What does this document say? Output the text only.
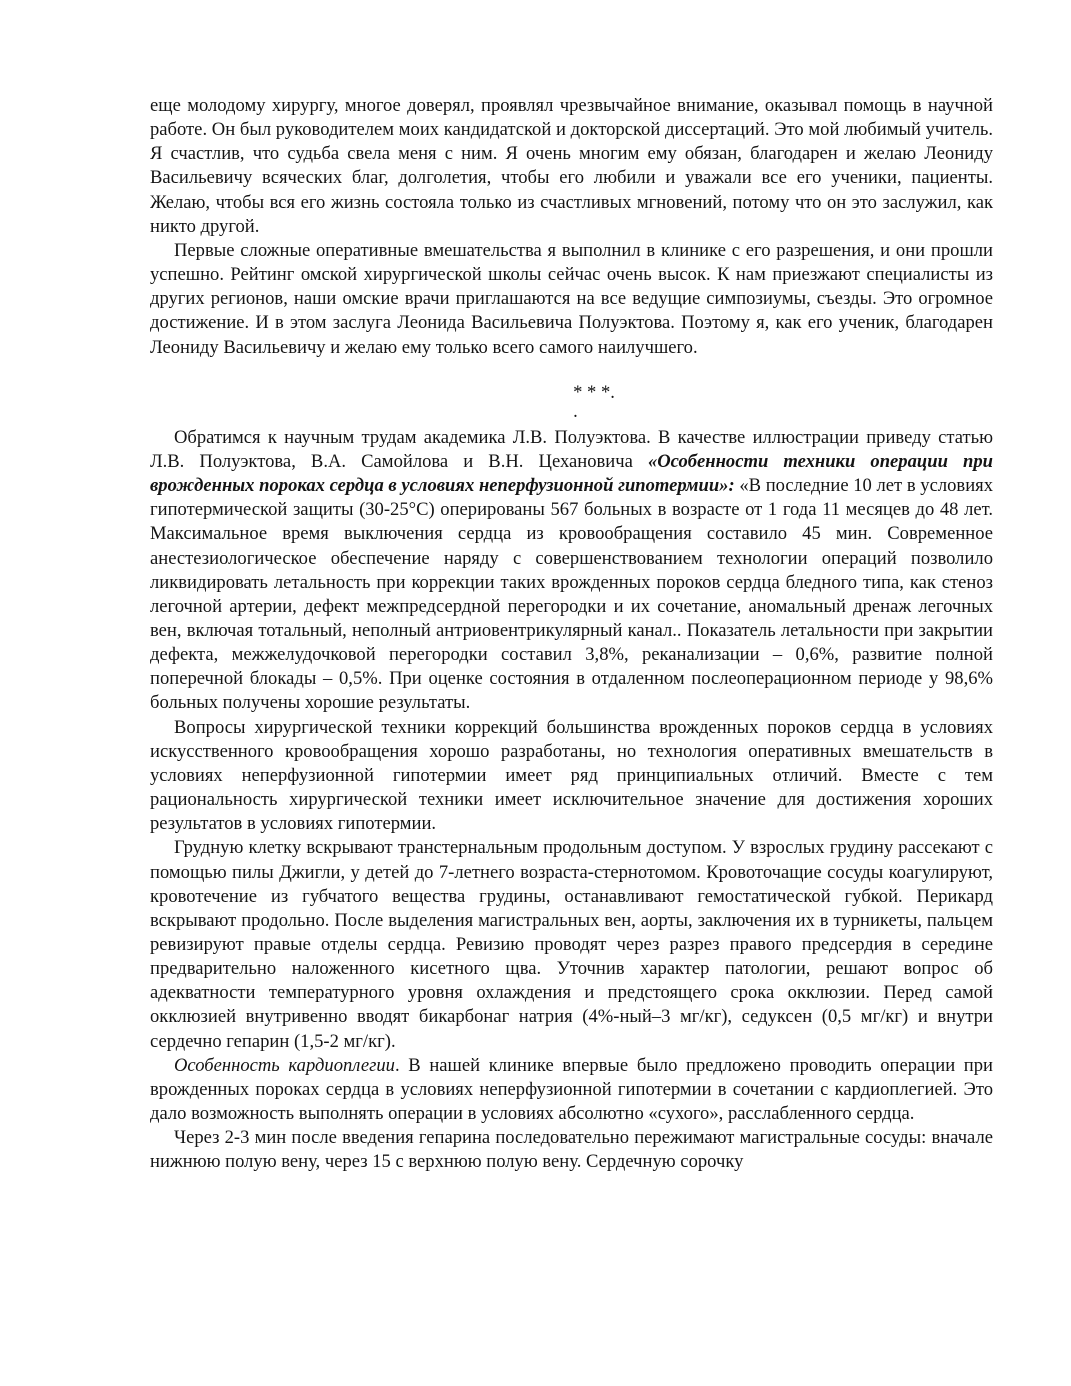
еще молодому хирургу, многое доверял, проявлял чрезвычайное внимание, оказывал помощь в научной работе. Он был руководителем моих кандидатской и докторской диссертаций. Это мой любимый учитель. Я счастлив, что судьба свела меня с ним. Я очень многим ему обязан, благодарен и желаю Леониду Васильевичу всяческих благ, долголетия, чтобы его любили и уважали все его ученики, пациенты. Желаю, чтобы вся его жизнь состояла только из счастливых мгновений, потому что он это заслужил, как никто другой.

Первые сложные оперативные вмешательства я выполнил в клинике с его разрешения, и они прошли успешно. Рейтинг омской хирургической школы сейчас очень высок. К нам приезжают специалисты из других регионов, наши омские врачи приглашаются на все ведущие симпозиумы, съезды. Это огромное достижение. И в этом заслуга Леонида Васильевича Полуэктова. Поэтому я, как его ученик, благодарен Леониду Васильевичу и желаю ему только всего самого наилучшего.

* * *.

.

Обратимся к научным трудам академика Л.В. Полуэктова. В качестве иллюстрации приведу статью Л.В. Полуэктова, В.А. Самойлова и В.Н. Цехановича «Особенности техники операции при врожденных пороках сердца в условиях неперфузионной гипотермии»: «В последние 10 лет в условиях гипотермической защиты (30-25°С) оперированы 567 больных в возрасте от 1 года 11 месяцев до 48 лет. Максимальное время выключения сердца из кровообращения составило 45 мин. Современное анестезиологическое обеспечение наряду с совершенствованием технологии операций позволило ликвидировать летальность при коррекции таких врожденных пороков сердца бледного типа, как стеноз легочной артерии, дефект межпредсердной перегородки и их сочетание, аномальный дренаж легочных вен, включая тотальный, неполный антриовентрикулярный канал.. Показатель летальности при закрытии дефекта, межжелудочковой перегородки составил 3,8%, реканализации – 0,6%, развитие полной поперечной блокады – 0,5%. При оценке состояния в отдаленном послеоперационном периоде у 98,6% больных получены хорошие результаты.

Вопросы хирургической техники коррекций большинства врожденных пороков сердца в условиях искусственного кровообращения хорошо разработаны, но технология оперативных вмешательств в условиях неперфузионной гипотермии имеет ряд принципиальных отличий. Вместе с тем рациональность хирургической техники имеет исключительное значение для достижения хороших результатов в условиях гипотермии.

Грудную клетку вскрывают транстернальным продольным доступом. У взрослых грудину рассекают с помощью пилы Джигли, у детей до 7-летнего возраста-стернотомом. Кровоточащие сосуды коагулируют, кровотечение из губчатого вещества грудины, останавливают гемостатической губкой. Перикард вскрывают продольно. После выделения магистральных вен, аорты, заключения их в турникеты, пальцем ревизируют правые отделы сердца. Ревизию проводят через разрез правого предсердия в середине предварительно наложенного кисетного щва. Уточнив характер патологии, решают вопрос об адекватности температурного уровня охлаждения и предстоящего срока окклюзии. Перед самой окклюзией внутривенно вводят бикарбонаг натрия (4%-ный–3 мг/кг), седуксен (0,5 мг/кг) и внутри сердечно гепарин (1,5-2 мг/кг).

Особенность кардиоплегии. В нашей клинике впервые было предложено проводить операции при врожденных пороках сердца в условиях неперфузионной гипотермии в сочетании с кардиоплегией. Это дало возможность выполнять операции в условиях абсолютно «сухого», расслабленного сердца.

Через 2-3 мин после введения гепарина последовательно пережимают магистральные сосуды: вначале нижнюю полую вену, через 15 с верхнюю полую вену. Сердечную сорочку
